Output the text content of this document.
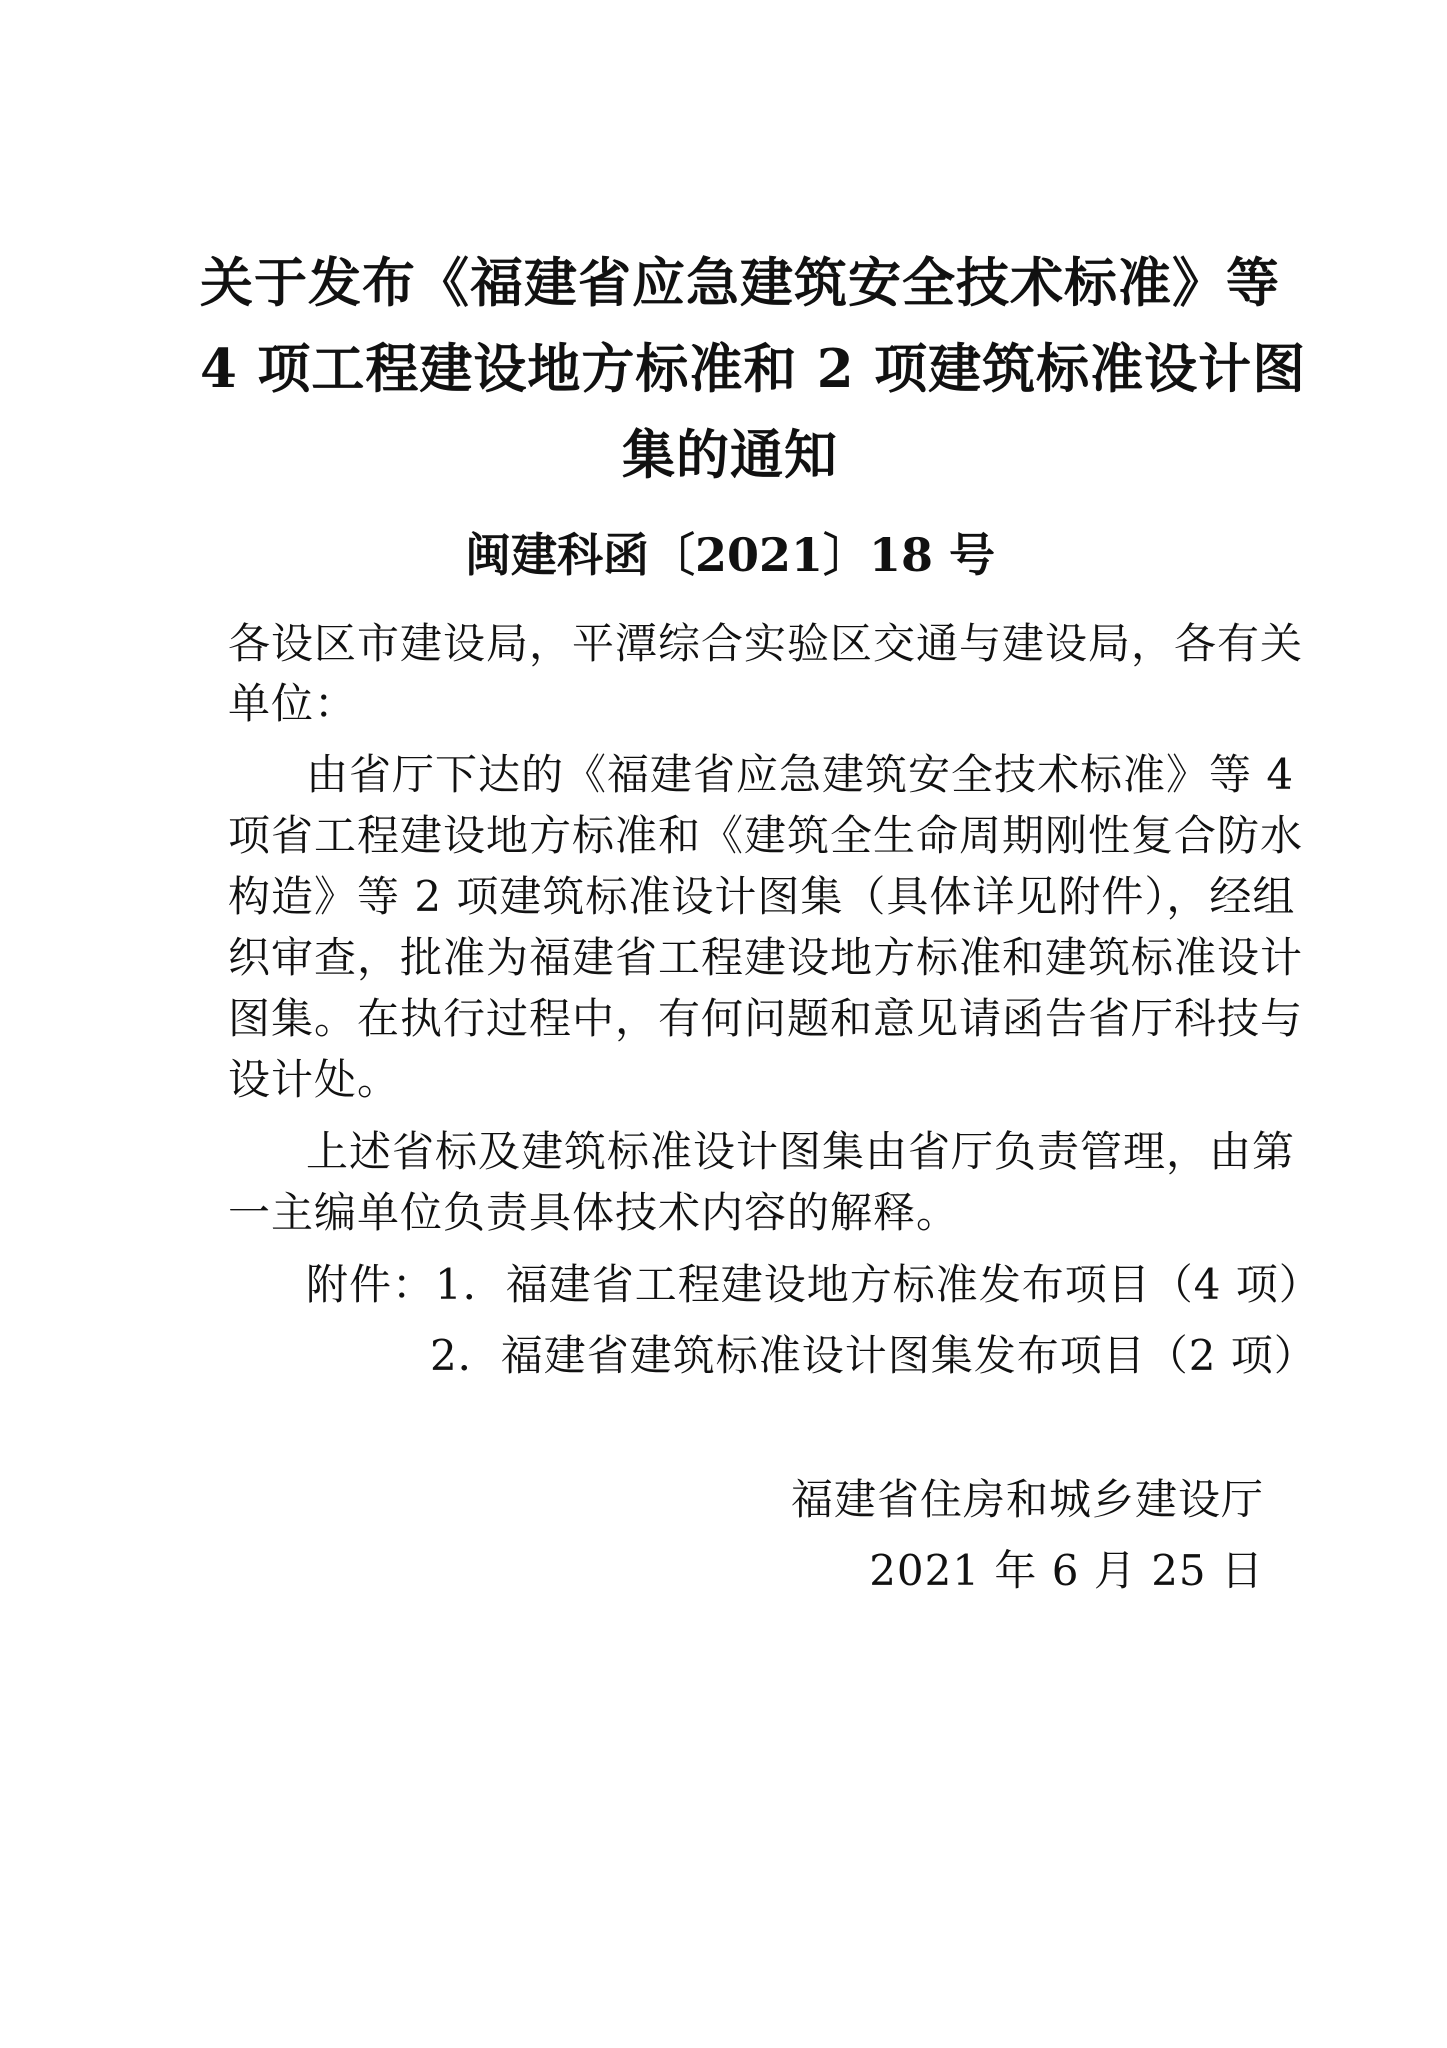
关于发布《福建省应急建筑安全技术标准》等
4 项工程建设地方标准和 2 项建筑标准设计图
集的通知
闽建科函〔2021〕18 号
各设区市建设局，平潭综合实验区交通与建设局，各有关
单位：
由省厅下达的《福建省应急建筑安全技术标准》等 4
项省工程建设地方标准和《建筑全生命周期刚性复合防水
构造》等 2 项建筑标准设计图集（具体详见附件），经组
织审查，批准为福建省工程建设地方标准和建筑标准设计
图集。在执行过程中，有何问题和意见请函告省厅科技与
设计处。
上述省标及建筑标准设计图集由省厅负责管理，由第
一主编单位负责具体技术内容的解释。
附件：1．福建省工程建设地方标准发布项目（4 项）
2．福建省建筑标准设计图集发布项目（2 项）
福建省住房和城乡建设厅
2021 年 6 月 25 日
